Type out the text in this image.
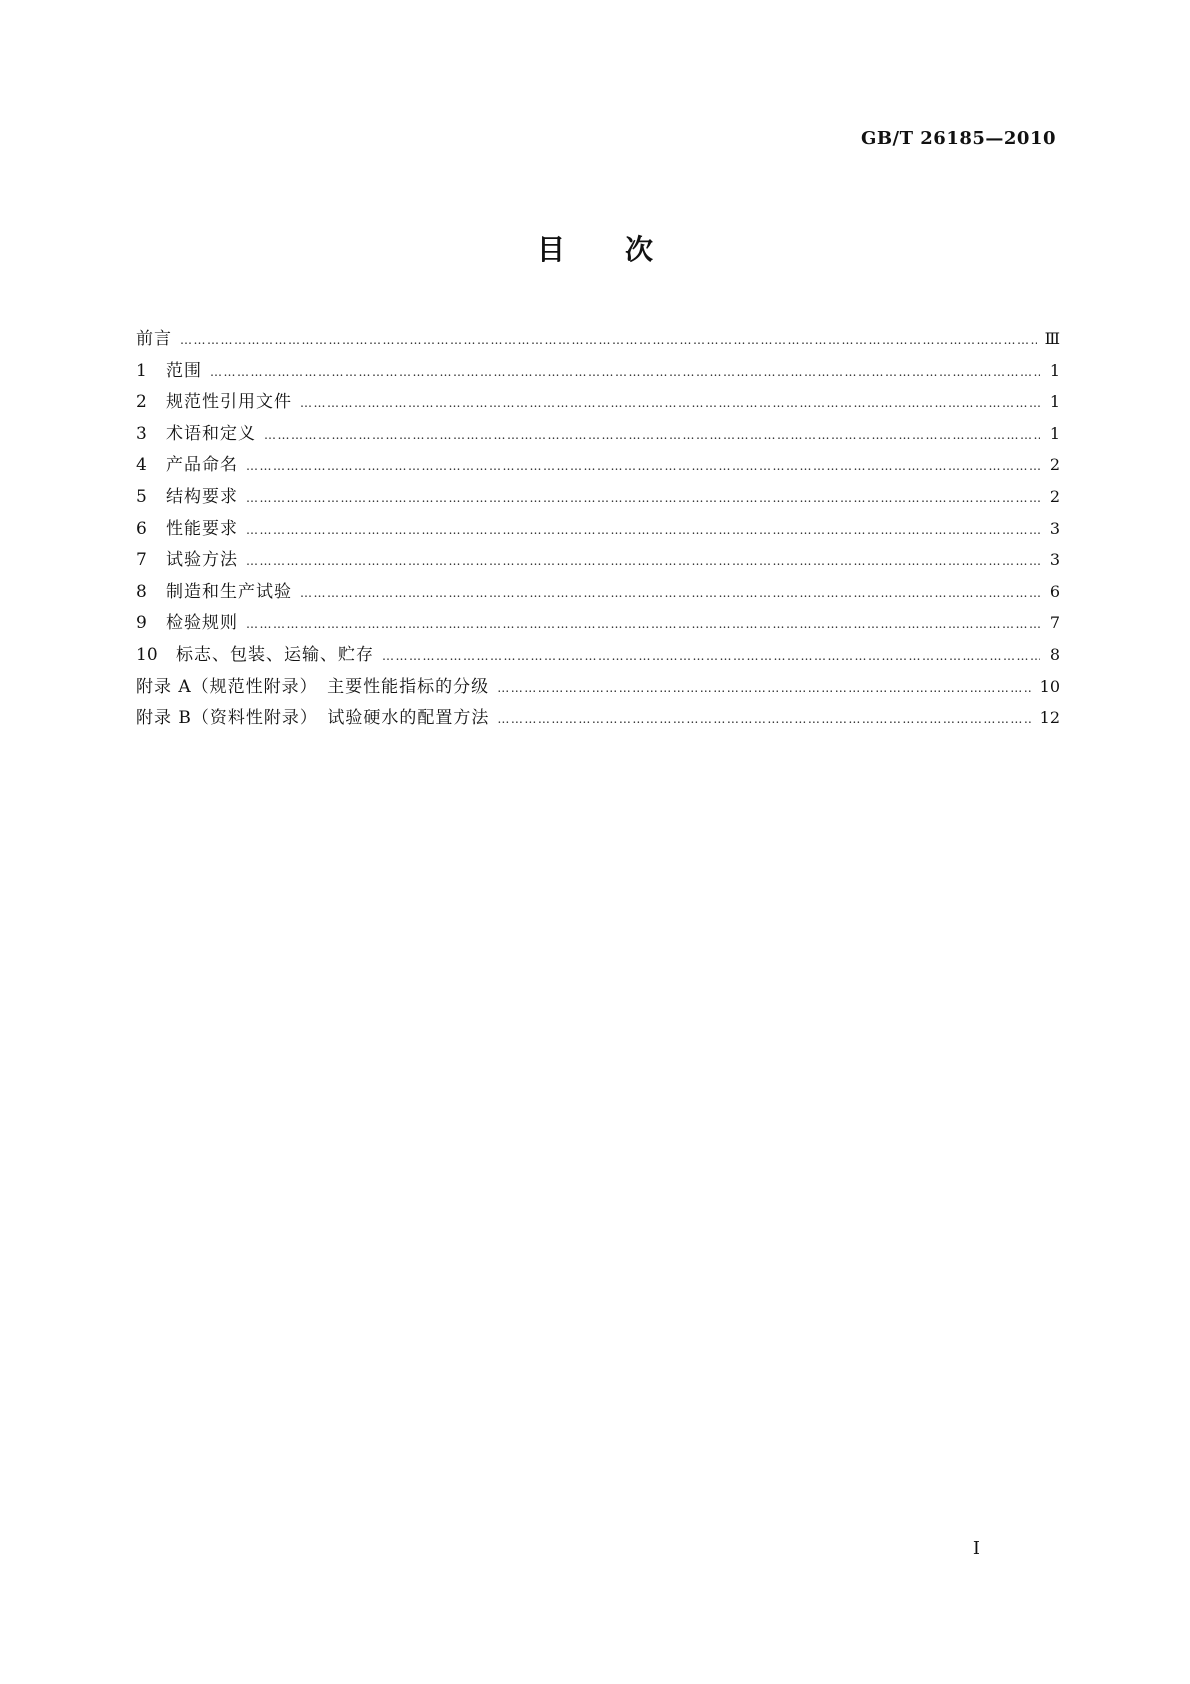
GB/T 26185—2010
目次
前言 ……………………………………………………………………………………………………………………………………………………………………………………………………………………………………………………………………………	Ⅲ
1	范围 ……………………………………………………………………………………………………………………………………………………………………………………………………………………………………………………………………………	1
2	规范性引用文件 ……………………………………………………………………………………………………………………………………………………………………………………………………………………………………………………………………………	1
3	术语和定义 ……………………………………………………………………………………………………………………………………………………………………………………………………………………………………………………………………………	1
4	产品命名 ……………………………………………………………………………………………………………………………………………………………………………………………………………………………………………………………………………	2
5	结构要求 ……………………………………………………………………………………………………………………………………………………………………………………………………………………………………………………………………………	2
6	性能要求 ……………………………………………………………………………………………………………………………………………………………………………………………………………………………………………………………………………	3
7	试验方法 ……………………………………………………………………………………………………………………………………………………………………………………………………………………………………………………………………………	3
8	制造和生产试验 ……………………………………………………………………………………………………………………………………………………………………………………………………………………………………………………………………………	6
9	检验规则 ……………………………………………………………………………………………………………………………………………………………………………………………………………………………………………………………………………	7
10	标志、包装、运输、贮存 ……………………………………………………………………………………………………………………………………………………………………………………………………………………………………………………………………………	8
附录 A（规范性附录）　主要性能指标的分级 ……………………………………………………………………………………………………………………………………………………………………………………………………………………………………………………………………………	10
附录 B（资料性附录）　试验硬水的配置方法 ……………………………………………………………………………………………………………………………………………………………………………………………………………………………………………………………………………	12
Ⅰ
